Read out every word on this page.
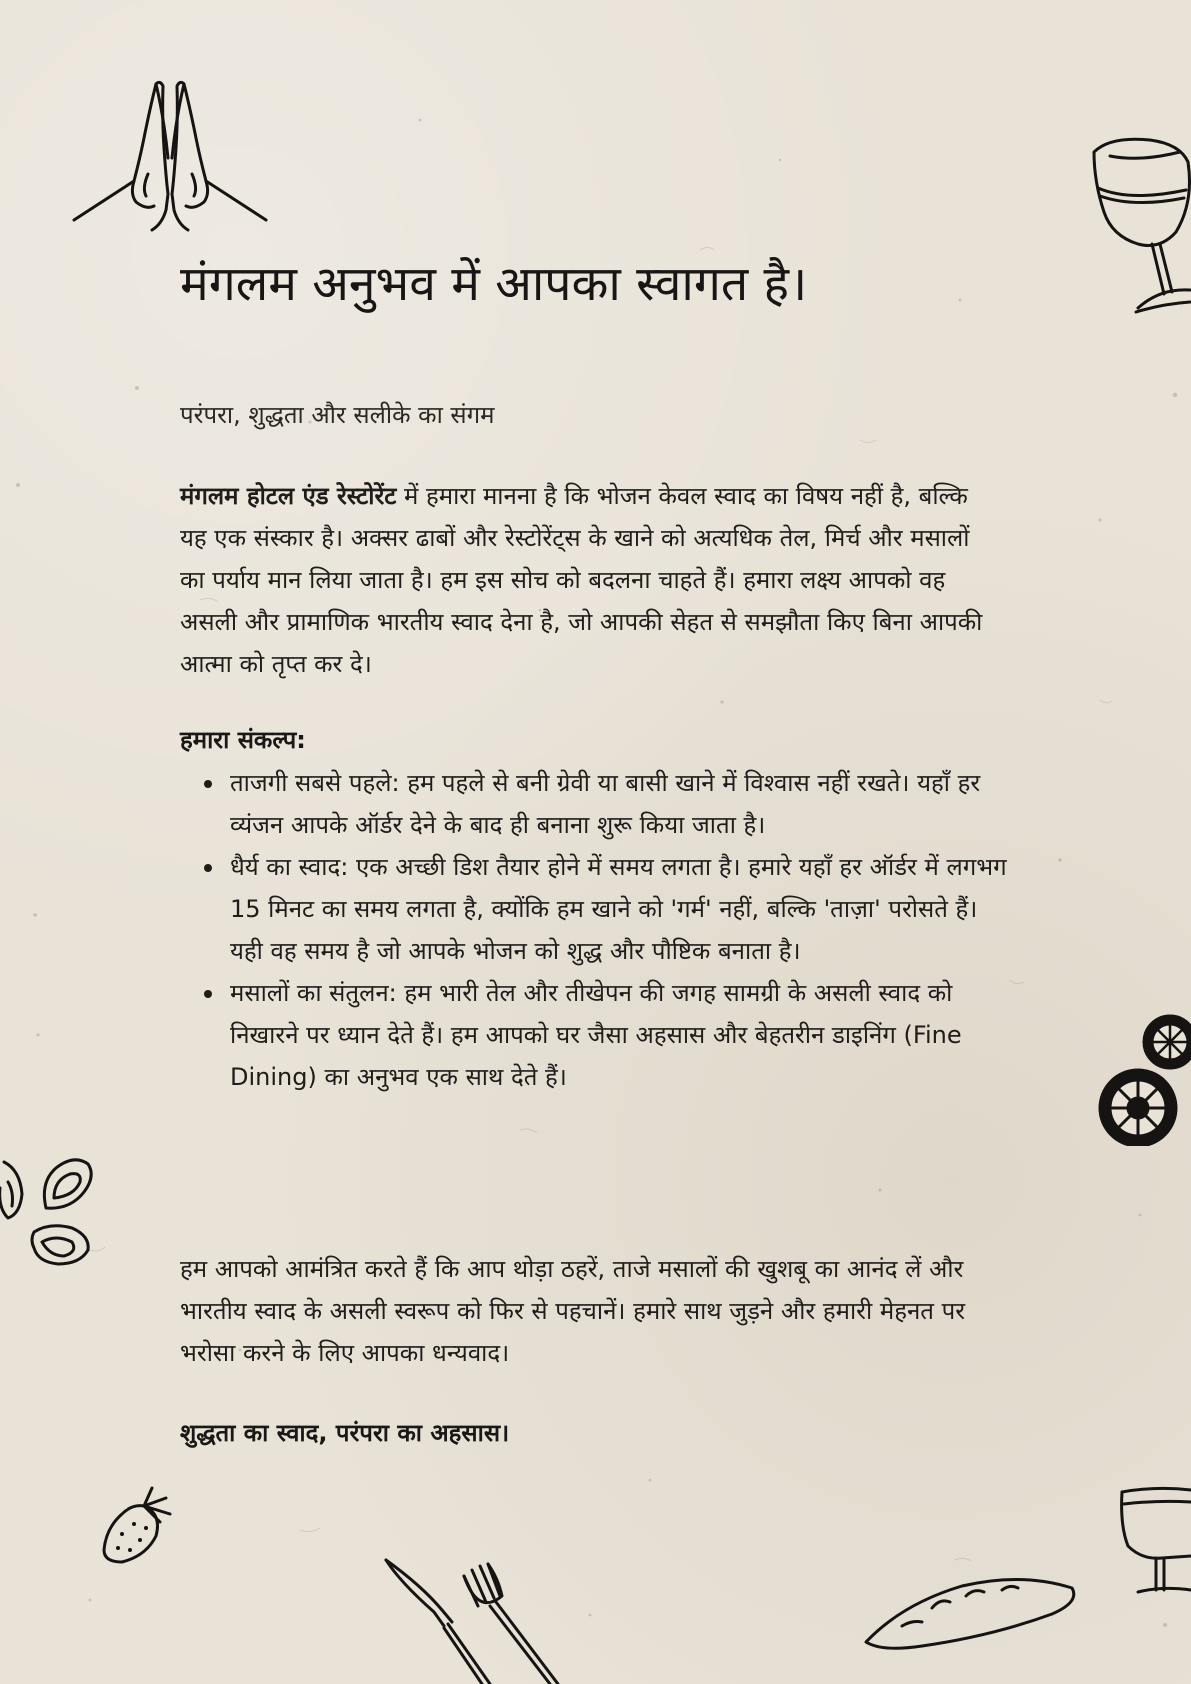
मंगलम अनुभव में आपका स्वागत है।

परंपरा, शुद्धता और सलीके का संगम

मंगलम होटल एंड रेस्टोरेंट में हमारा मानना है कि भोजन केवल स्वाद का विषय नहीं है, बल्कि यह एक संस्कार है। अक्सर ढाबों और रेस्टोरेंट्स के खाने को अत्यधिक तेल, मिर्च और मसालों का पर्याय मान लिया जाता है। हम इस सोच को बदलना चाहते हैं। हमारा लक्ष्य आपको वह असली और प्रामाणिक भारतीय स्वाद देना है, जो आपकी सेहत से समझौता किए बिना आपकी आत्मा को तृप्त कर दे।

हमारा संकल्प:
ताजगी सबसे पहले: हम पहले से बनी ग्रेवी या बासी खाने में विश्वास नहीं रखते। यहाँ हर व्यंजन आपके ऑर्डर देने के बाद ही बनाना शुरू किया जाता है।
धैर्य का स्वाद: एक अच्छी डिश तैयार होने में समय लगता है। हमारे यहाँ हर ऑर्डर में लगभग 15 मिनट का समय लगता है, क्योंकि हम खाने को 'गर्म' नहीं, बल्कि 'ताज़ा' परोसते हैं। यही वह समय है जो आपके भोजन को शुद्ध और पौष्टिक बनाता है।
मसालों का संतुलन: हम भारी तेल और तीखेपन की जगह सामग्री के असली स्वाद को निखारने पर ध्यान देते हैं। हम आपको घर जैसा अहसास और बेहतरीन डाइनिंग (Fine Dining) का अनुभव एक साथ देते हैं।

हम आपको आमंत्रित करते हैं कि आप थोड़ा ठहरें, ताजे मसालों की खुशबू का आनंद लें और भारतीय स्वाद के असली स्वरूप को फिर से पहचानें। हमारे साथ जुड़ने और हमारी मेहनत पर भरोसा करने के लिए आपका धन्यवाद।

शुद्धता का स्वाद, परंपरा का अहसास।
